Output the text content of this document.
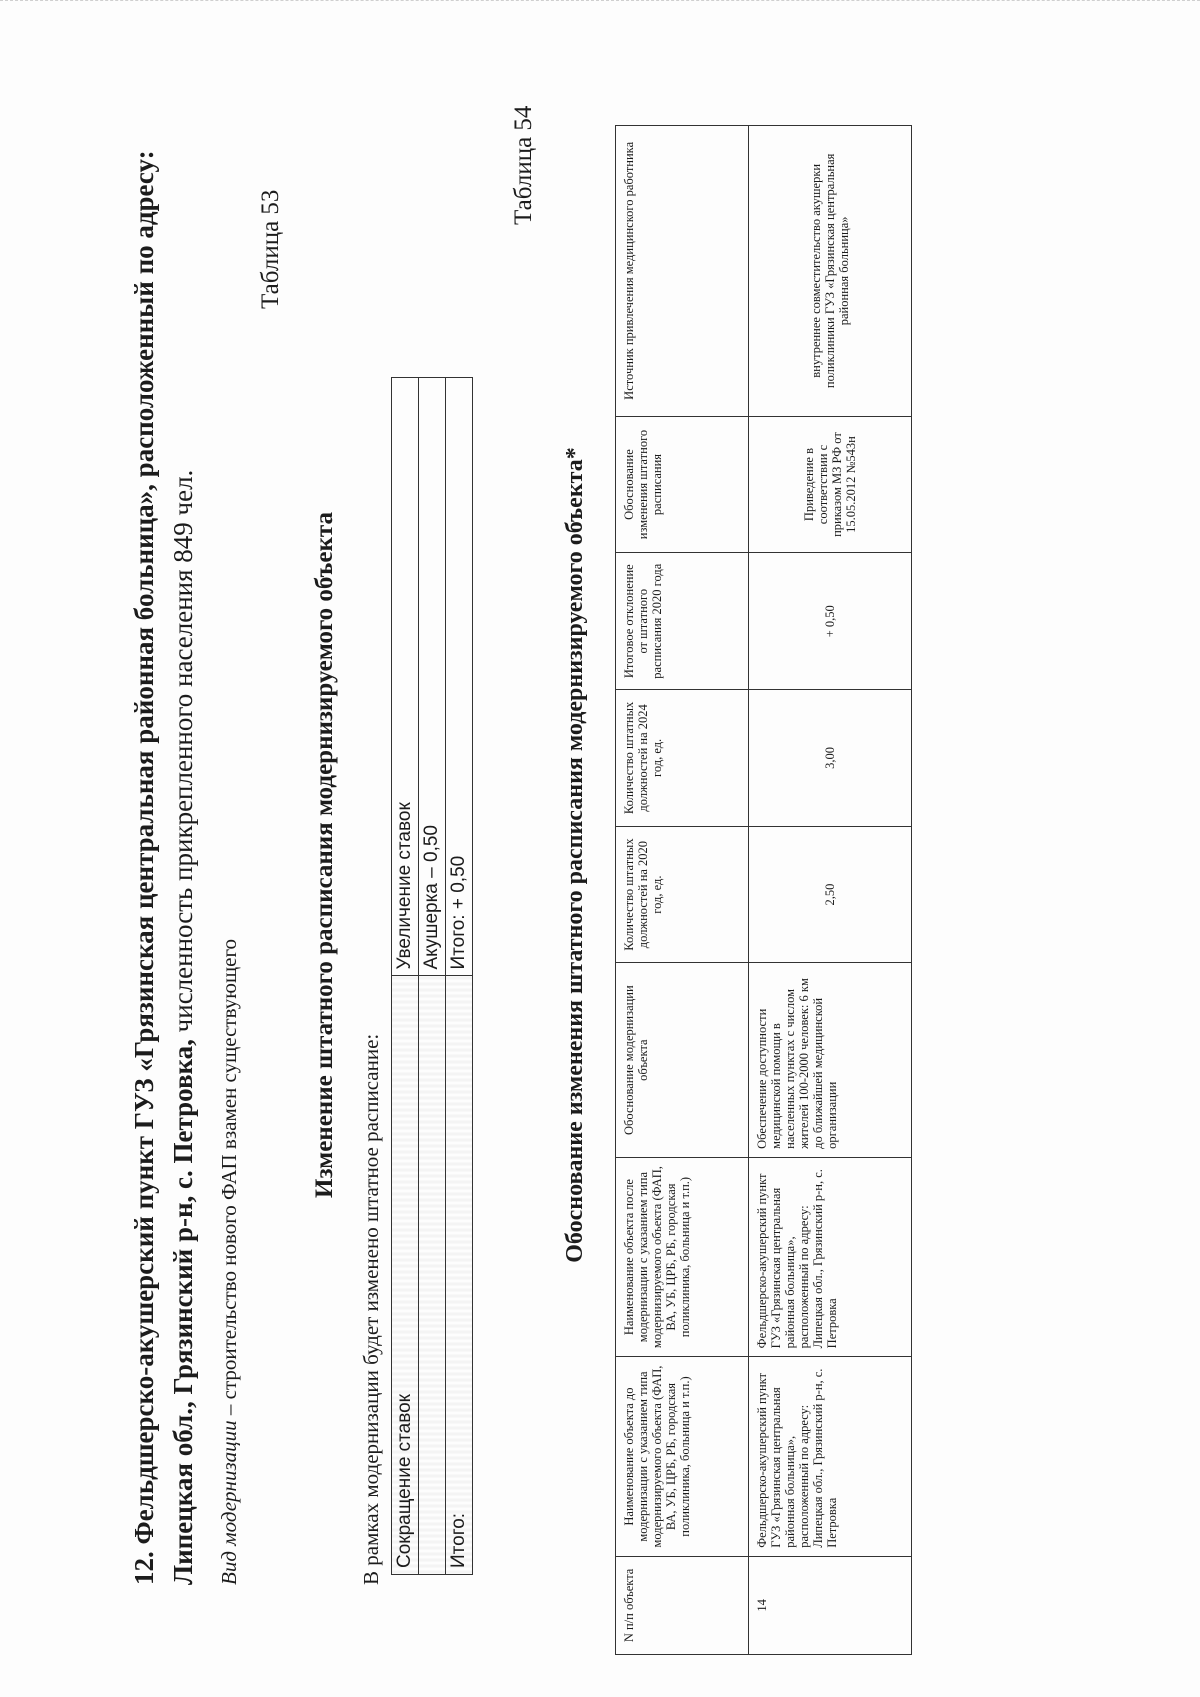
12. Фельдшерско-акушерский пункт ГУЗ «Грязинская центральная районная больница», расположенный по адресу: Липецкая обл., Грязинский р-н, с. Петровка, численность прикрепленного населения 849 чел.
Вид модернизации – строительство нового ФАП взамен существующего
Таблица 53
Изменение штатного расписания модернизируемого объекта
В рамках модернизации будет изменено штатное расписание: Сокращение ставок	Увеличение ставок
	Акушерка – 0,50
Итого:	Итого: + 0,50
Таблица 54
Обоснование изменения штатного расписания модернизируемого объекта*
N п/п объекта	Наименование объекта до модернизации с указанием типа модернизируемого объекта (ФАП, ВА, УБ, ЦРБ, РБ, городская поликлиника, больница и т.п.)	Наименование объекта после модернизации с указанием типа модернизируемого объекта (ФАП, ВА, УБ, ЦРБ, РБ, городская поликлиника, больница и т.п.)	Обоснование модернизации объекта	Количество штатных должностей на 2020 год, ед.	Количество штатных должностей на 2024 год, ед.	Итоговое отклонение от штатного расписания 2020 года	Обоснование изменения штатного расписания	Источник привлечения медицинского работника
14	Фельдшерско-акушерский пункт ГУЗ «Грязинская центральная районная больница», расположенный по адресу: Липецкая обл., Грязинский р-н, с. Петровка	Фельдшерско-акушерский пункт ГУЗ «Грязинская центральная районная больница», расположенный по адресу: Липецкая обл., Грязинский р-н, с. Петровка	Обеспечение доступности медицинской помощи в населенных пунктах с числом жителей 100-2000 человек: 6 км до ближайшей медицинской организации	2,50	3,00	+ 0,50	Приведение в соответствии с приказом МЗ РФ от 15.05.2012 №543н	внутреннее совместительство акушерки поликлиники ГУЗ «Грязинская центральная районная больница»
